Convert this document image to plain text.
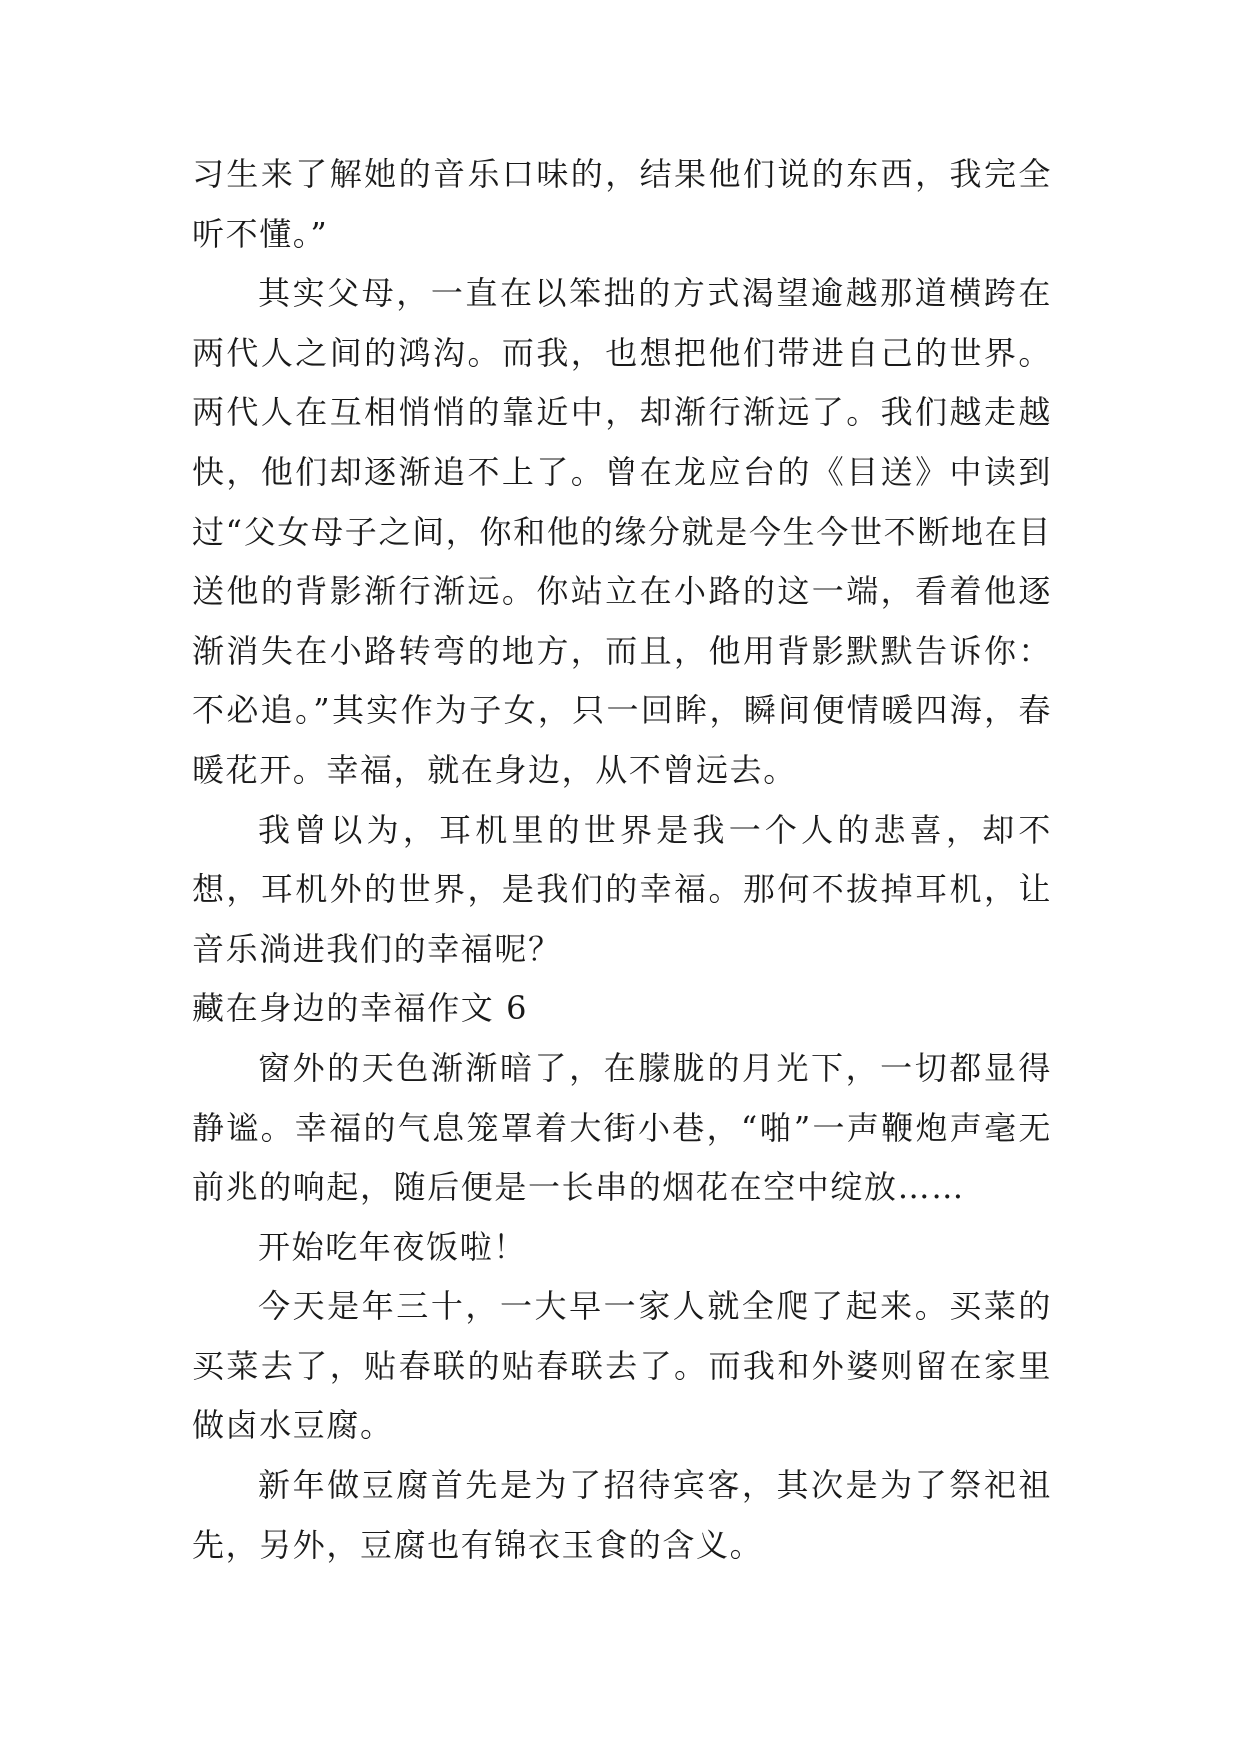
习生来了解她的音乐口味的，结果他们说的东西，我完全听不懂。”

其实父母，一直在以笨拙的方式渴望逾越那道横跨在两代人之间的鸿沟。而我，也想把他们带进自己的世界。两代人在互相悄悄的靠近中，却渐行渐远了。我们越走越快，他们却逐渐追不上了。曾在龙应台的《目送》中读到过“父女母子之间，你和他的缘分就是今生今世不断地在目送他的背影渐行渐远。你站立在小路的这一端，看着他逐渐消失在小路转弯的地方，而且，他用背影默默告诉你：不必追。”其实作为子女，只一回眸，瞬间便情暖四海，春暖花开。幸福，就在身边，从不曾远去。

我曾以为，耳机里的世界是我一个人的悲喜，却不想，耳机外的世界，是我们的幸福。那何不拔掉耳机，让音乐淌进我们的幸福呢？

藏在身边的幸福作文 6

窗外的天色渐渐暗了，在朦胧的月光下，一切都显得静谧。幸福的气息笼罩着大街小巷，“啪”一声鞭炮声毫无前兆的响起，随后便是一长串的烟花在空中绽放……

开始吃年夜饭啦！

今天是年三十，一大早一家人就全爬了起来。买菜的买菜去了，贴春联的贴春联去了。而我和外婆则留在家里做卤水豆腐。

新年做豆腐首先是为了招待宾客，其次是为了祭祀祖先，另外，豆腐也有锦衣玉食的含义。
